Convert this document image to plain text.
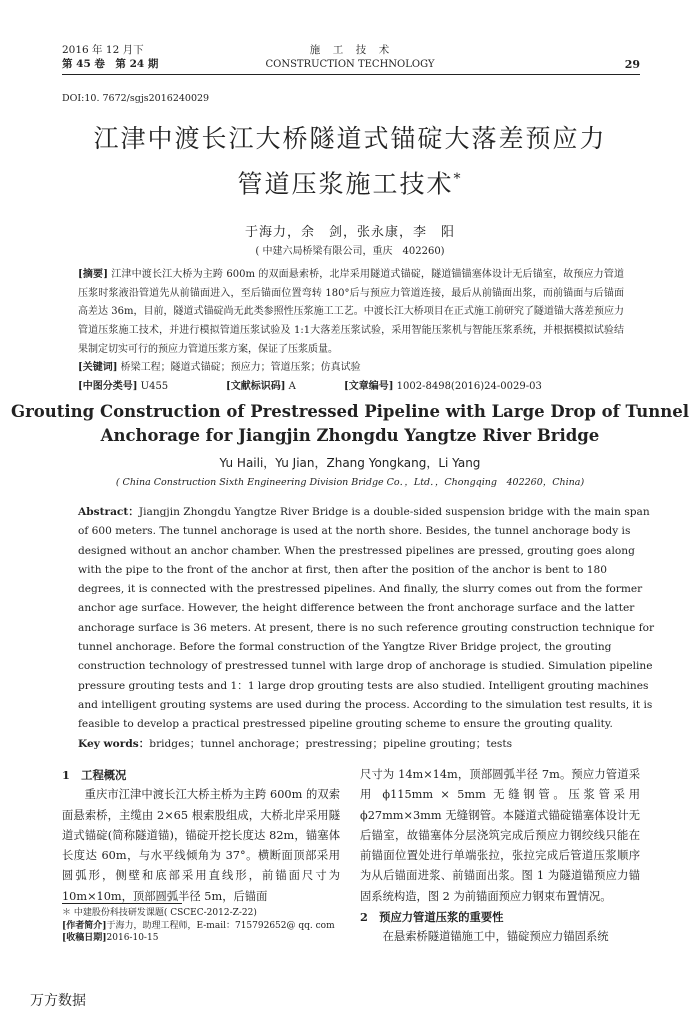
2016 年 12 月下
第 45 卷　第 24 期
施　工　技　术
CONSTRUCTION TECHNOLOGY	29
DOI:10. 7672/sgjs2016240029
江津中渡长江大桥隧道式锚碇大落差预应力
管道压浆施工技术*
于海力，余　剑，张永康，李　阳
( 中建六局桥梁有限公司，重庆　402260)
[摘要] 江津中渡长江大桥为主跨 600m 的双面悬索桥，北岸采用隧道式锚碇，隧道锚锚塞体设计无后锚室，故预应力管道压浆时浆液沿管道先从前锚面进入，至后锚面位置弯转 180°后与预应力管道连接，最后从前锚面出浆，而前锚面与后锚面高差达 36m，目前，隧道式锚碇尚无此类参照性压浆施工工艺。中渡长江大桥项目在正式施工前研究了隧道锚大落差预应力管道压浆施工技术，并进行模拟管道压浆试验及 1:1大落差压浆试验，采用智能压浆机与智能压浆系统，并根据模拟试验结果制定切实可行的预应力管道压浆方案，保证了压浆质量。
[关键词] 桥梁工程；隧道式锚碇；预应力；管道压浆；仿真试验
[中图分类号] U455	[文献标识码] A	[文章编号] 1002-8498(2016)24-0029-03
Grouting Construction of Prestressed Pipeline with Large Drop of Tunnel
Anchorage for Jiangjin Zhongdu Yangtze River Bridge
Yu Haili，Yu Jian，Zhang Yongkang，Li Yang
( China Construction Sixth Engineering Division Bridge Co．，Ltd．，Chongqing　402260，China)
Abstract：Jiangjin Zhongdu Yangtze River Bridge is a double-sided suspension bridge with the main span
of 600 meters. The tunnel anchorage is used at the north shore. Besides, the tunnel anchorage body is
designed without an anchor chamber. When the prestressed pipelines are pressed, grouting goes along
with the pipe to the front of the anchor at first, then after the position of the anchor is bent to 180
degrees, it is connected with the prestressed pipelines. And finally, the slurry comes out from the former
anchor age surface. However, the height difference between the front anchorage surface and the latter
anchorage surface is 36 meters. At present, there is no such reference grouting construction technique for
tunnel anchorage. Before the formal construction of the Yangtze River Bridge project, the grouting
construction technology of prestressed tunnel with large drop of anchorage is studied. Simulation pipeline
pressure grouting tests and 1：1 large drop grouting tests are also studied. Intelligent grouting machines
and intelligent grouting systems are used during the process. According to the simulation test results, it is
feasible to develop a practical prestressed pipeline grouting scheme to ensure the grouting quality.
Key words：bridges；tunnel anchorage；prestressing；pipeline grouting；tests
1　工程概况

重庆市江津中渡长江大桥主桥为主跨 600m 的双索面悬索桥，主缆由 2×65 根索股组成，大桥北岸采用隧道式锚碇(简称隧道锚)，锚碇开挖长度达 82m，锚塞体长度达 60m，与水平线倾角为 37°。横断面顶部采用圆弧形，侧壁和底部采用直线形，前锚面尺寸为 10m×10m，顶部圆弧半径 5m，后锚面

＊ 中建股份科技研发课题( CSCEC-2012-Z-22)
[作者简介]于海力，助理工程师，E-mail：715792652@ qq. com
[收稿日期]2016-10-15
尺寸为 14m×14m，顶部圆弧半径 7m。预应力管道采用 ϕ115mm × 5mm 无缝钢管。压浆管采用 ϕ27mm×3mm 无缝钢管。本隧道式锚碇锚塞体设计无后锚室，故锚塞体分层浇筑完成后预应力钢绞线只能在前锚面位置处进行单端张拉，张拉完成后管道压浆顺序为从后锚面进浆、前锚面出浆。图 1 为隧道锚预应力锚固系统构造，图 2 为前锚面预应力钢束布置情况。
2　预应力管道压浆的重要性

在悬索桥隧道锚施工中，锚碇预应力锚固系统

万方数据
